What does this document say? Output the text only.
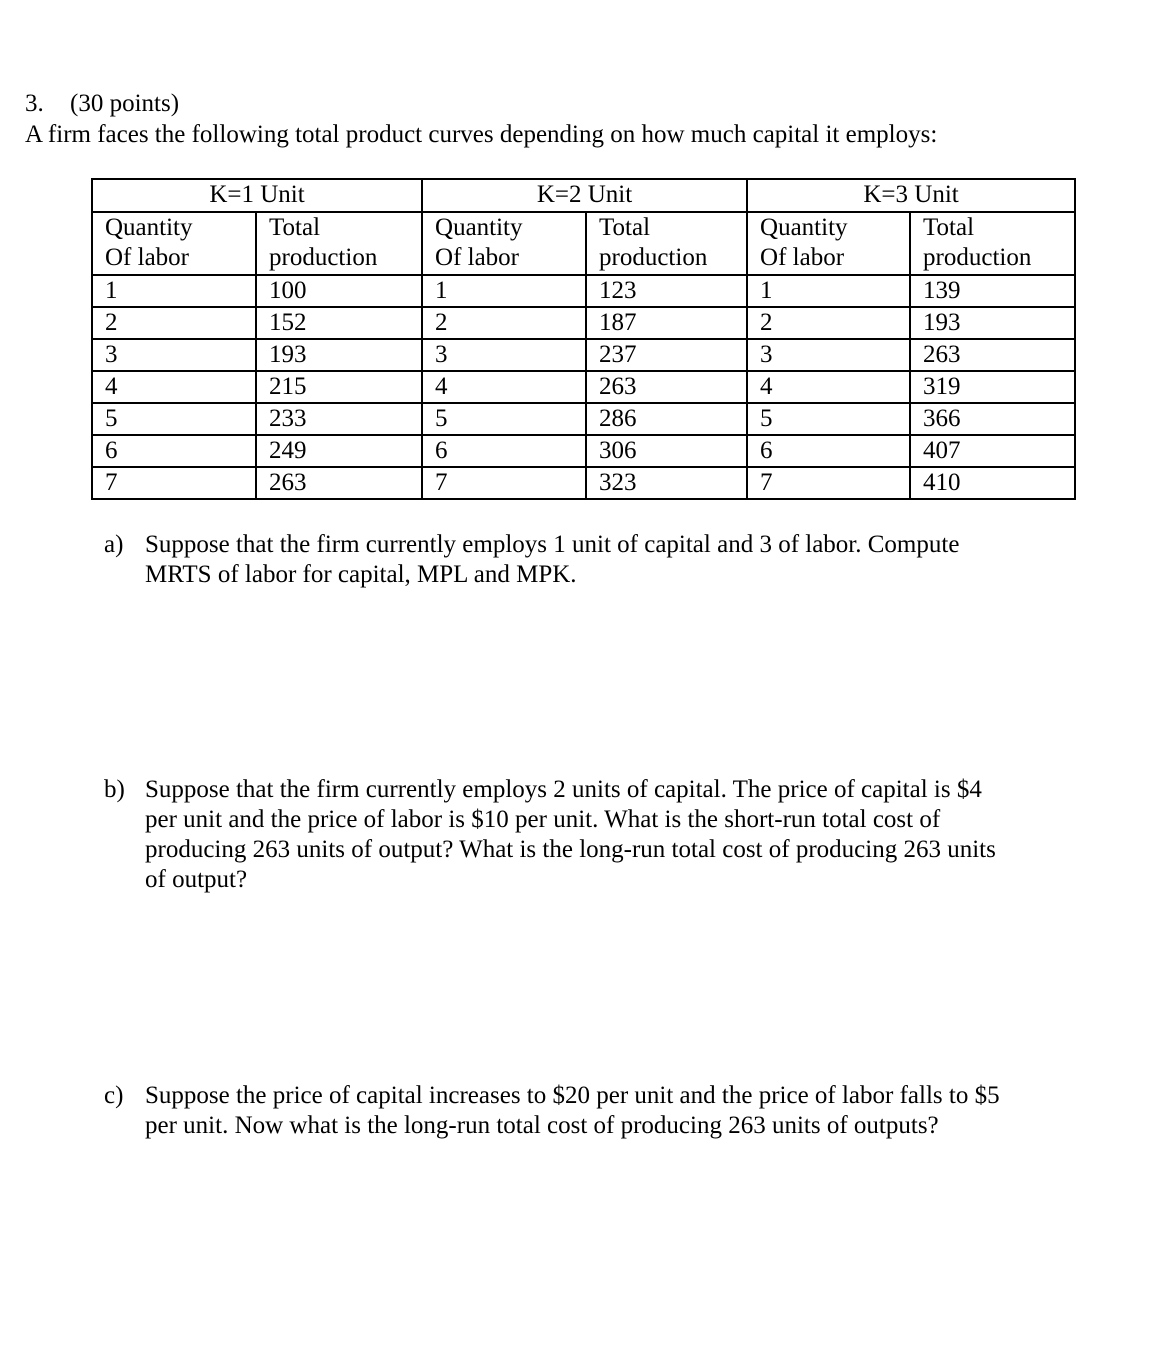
3. (30 points)
A firm faces the following total product curves depending on how much capital it employs:
K=1 Unit		K=2 Unit		K=3 Unit	

Quantity
Of labor	Total
production	Quantity
Of labor	Total
production	Quantity
Of labor	Total
production

1	100	1	123	1	139
2	152	2	187	2	193
3	193	3	237	3	263
4	215	4	263	4	319
5	233	5	286	5	366
6	249	6	306	6	407
7	263	7	323	7	410
a) Suppose that the firm currently employs 1 unit of capital and 3 of labor. Compute
MRTS of labor for capital, MPL and MPK.
b) Suppose that the firm currently employs 2 units of capital. The price of capital is $4
per unit and the price of labor is $10 per unit. What is the short-run total cost of
producing 263 units of output? What is the long-run total cost of producing 263 units
of output?
c) Suppose the price of capital increases to $20 per unit and the price of labor falls to $5
per unit. Now what is the long-run total cost of producing 263 units of outputs?
